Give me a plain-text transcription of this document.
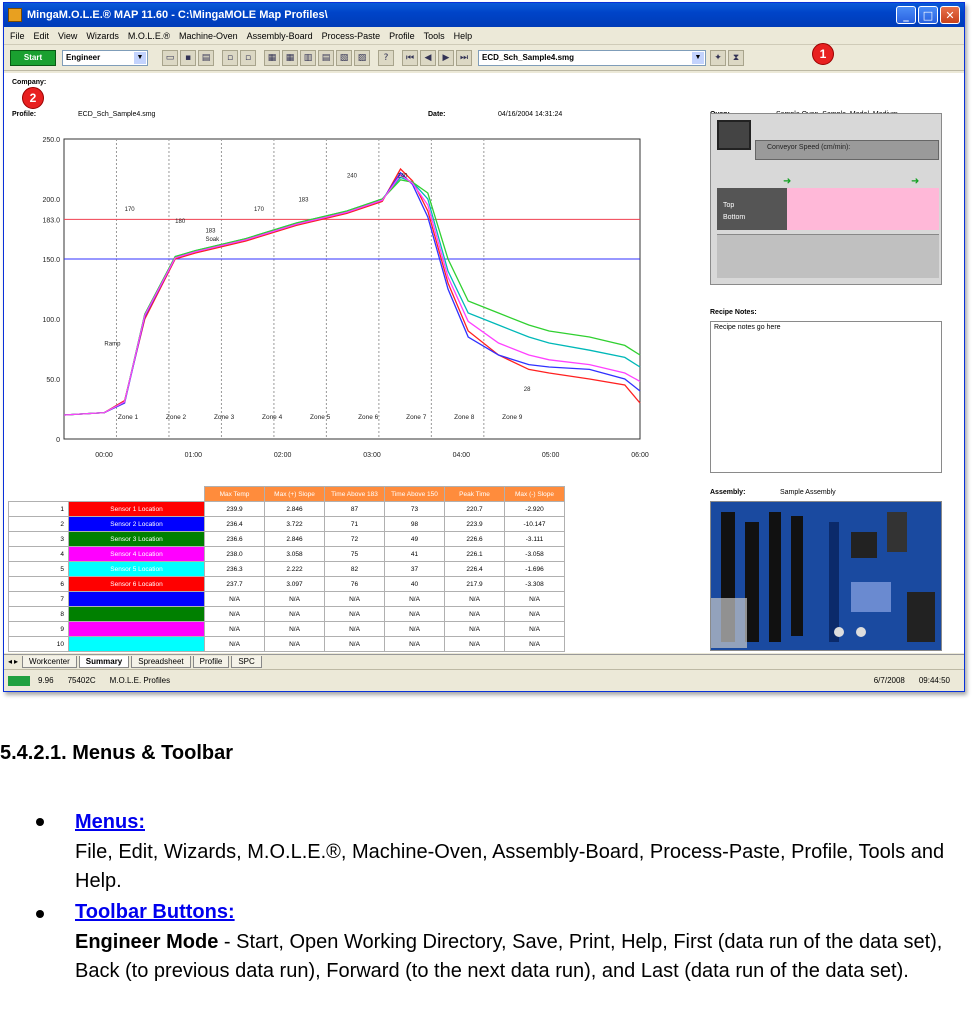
MingaM.O.L.E.® MAP 11.60 - C:\MingaMOLE Map Profiles\	_	□	✕
File Edit View Wizards M.O.L.E.® Machine-Oven Assembly-Board Process-Paste Profile Tools Help
Start	Engineer	▼	▭	▪	▤	▫	▫	▦	▦	▥	▤	▧	▨	?	⏮	◀	▶	⏭	ECD_Sch_Sample4.smg	▼	✦	⧗	1
Company:
2
Profile:	ECD_Sch_Sample4.smg	Date:	04/16/2004 14:31:24
250.0
200.0
183.0
150.0
100.0
50.0
0
00:00	01:00	02:00	03:00	04:00	05:00	06:00
Zone 1	Zone 2	Zone 3	Zone 4	Zone 5	Zone 6	Zone 7	Zone 8	Zone 9
170
180
183
170
183
240	240
Ramp
Soak
28
Conveyor Speed (cm/min):
➜	➜
Top
Bottom
Recipe Notes:
Recipe notes go here
Assembly:	Sample Assembly
		Max Temp	Max (+) Slope	Time Above 183	Time Above 150	Peak Time	Max (-) Slope
1	Sensor 1 Location	239.9	2.846	87	73	220.7	-2.920
2	Sensor 2 Location	236.4	3.722	71	98	223.9	-10.147
3	Sensor 3 Location	236.6	2.846	72	49	226.6	-3.111
4	Sensor 4 Location	238.0	3.058	75	41	226.1	-3.058
5	Sensor 5 Location	236.3	2.222	82	37	226.4	-1.696
6	Sensor 6 Location	237.7	3.097	76	40	217.9	-3.308
7		N/A	N/A	N/A	N/A	N/A	N/A
8		N/A	N/A	N/A	N/A	N/A	N/A
9		N/A	N/A	N/A	N/A	N/A	N/A
10		N/A	N/A	N/A	N/A	N/A	N/A
◂ ▸	Workcenter	Summary	Spreadsheet	Profile	SPC
9.96 75402C M.O.L.E. Profiles	6/7/2008 09:44:50
5.4.2.1. Menus & Toolbar
Menus:
File, Edit, Wizards, M.O.L.E.®, Machine-Oven, Assembly-Board, Process-Paste, Profile, Tools and Help.
Toolbar Buttons:
Engineer Mode - Start, Open Working Directory, Save, Print, Help, First (data run of the data set), Back (to previous data run), Forward (to the next data run), and Last (data run of the data set).
